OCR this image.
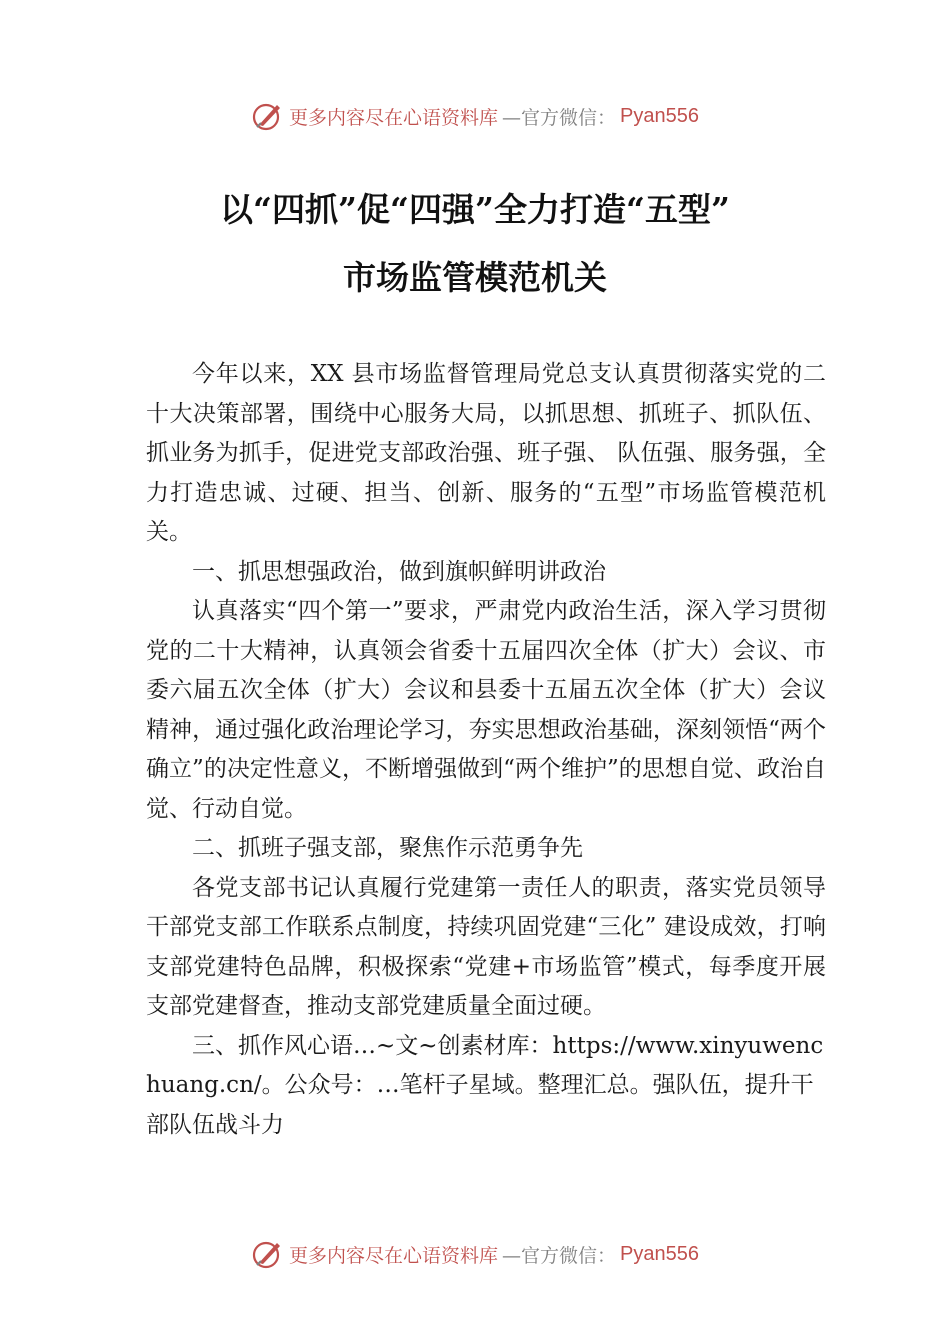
更多内容尽在心语资料库 —官方微信： Pyan556
以“四抓”促“四强”全力打造“五型”
市场监管模范机关

今年以来，XX 县市场监督管理局党总支认真贯彻落实党的二十大决策部署，围绕中心服务大局，以抓思想、抓班子、抓队伍、抓业务为抓手，促进党支部政治强、班子强、 队伍强、服务强，全力打造忠诚、过硬、担当、创新、服务的“五型”市场监管模范机关。

一、抓思想强政治，做到旗帜鲜明讲政治

认真落实“四个第一”要求，严肃党内政治生活，深入学习贯彻党的二十大精神，认真领会省委十五届四次全体（扩大）会议、市委六届五次全体（扩大）会议和县委十五届五次全体（扩大）会议精神，通过强化政治理论学习，夯实思想政治基础，深刻领悟“两个确立”的决定性意义，不断增强做到“两个维护”的思想自觉、政治自觉、行动自觉。

二、抓班子强支部，聚焦作示范勇争先

各党支部书记认真履行党建第一责任人的职责，落实党员领导干部党支部工作联系点制度，持续巩固党建“三化” 建设成效，打响支部党建特色品牌，积极探索“党建+市场监管”模式，每季度开展支部党建督查，推动支部党建质量全面过硬。

三、抓作风心语…~文~创素材库：https://www.xinyuwenchuang.cn/。公众号：…笔杆子星域。整理汇总。强队伍，提升干部队伍战斗力

更多内容尽在心语资料库 —官方微信： Pyan556
